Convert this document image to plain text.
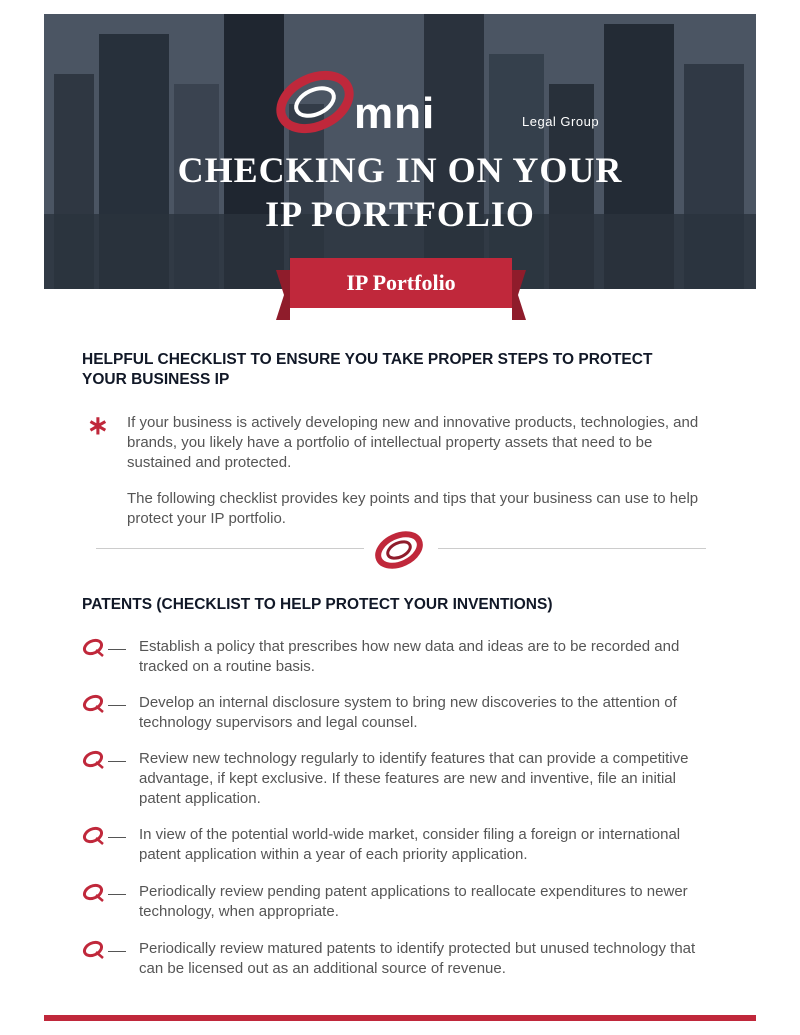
mni	Legal Group
CHECKING IN ON YOUR
IP PORTFOLIO
IP Portfolio
HELPFUL CHECKLIST TO ENSURE YOU TAKE PROPER STEPS TO PROTECT
YOUR BUSINESS IP
∗ If your business is actively developing new and innovative products, technologies, and brands, you likely have a portfolio of intellectual property assets that need to be sustained and protected.
The following checklist provides key points and tips that your business can use to help protect your IP portfolio.
PATENTS (CHECKLIST TO HELP PROTECT YOUR INVENTIONS)
Establish a policy that prescribes how new data and ideas are to be recorded and tracked on a routine basis.
Develop an internal disclosure system to bring new discoveries to the attention of technology supervisors and legal counsel.
Review new technology regularly to identify features that can provide a competitive advantage, if kept exclusive. If these features are new and inventive, file an initial patent application.
In view of the potential world-wide market, consider filing a foreign or international patent application within a year of each priority application.
Periodically review pending patent applications to reallocate expenditures to newer technology, when appropriate.
Periodically review matured patents to identify protected but unused technology that can be licensed out as an additional source of revenue.
